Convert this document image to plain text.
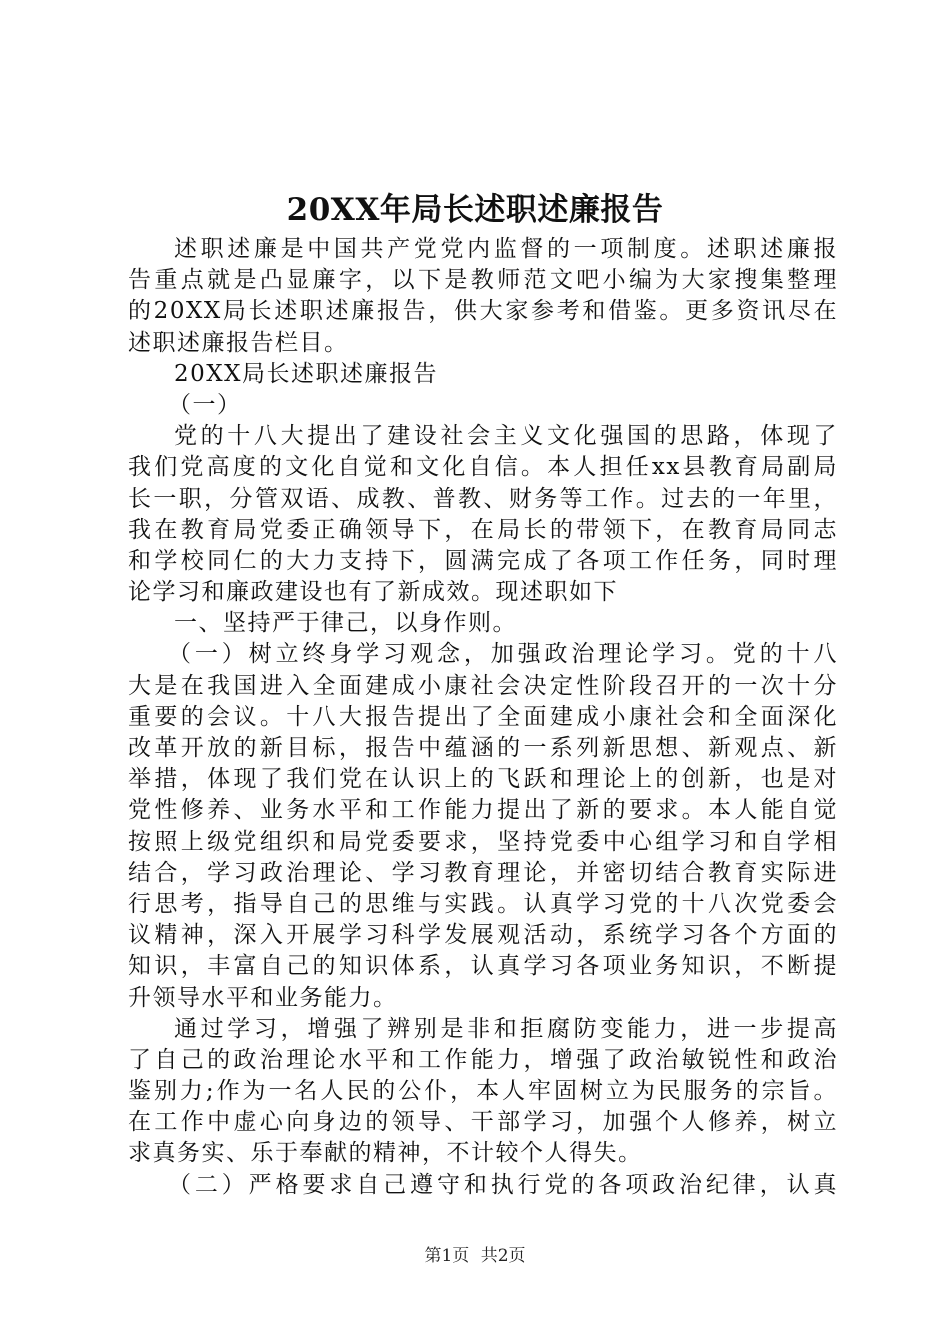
20XX年局长述职述廉报告
述职述廉是中国共产党党内监督的一项制度。述职述廉报
告重点就是凸显廉字，以下是教师范文吧小编为大家搜集整理
的20XX局长述职述廉报告，供大家参考和借鉴。更多资讯尽在
述职述廉报告栏目。
20XX局长述职述廉报告
（一）
党的十八大提出了建设社会主义文化强国的思路，体现了
我们党高度的文化自觉和文化自信。本人担任xx县教育局副局
长一职，分管双语、成教、普教、财务等工作。过去的一年里，
我在教育局党委正确领导下，在局长的带领下，在教育局同志
和学校同仁的大力支持下，圆满完成了各项工作任务，同时理
论学习和廉政建设也有了新成效。现述职如下
一、坚持严于律己，以身作则。
（一）树立终身学习观念，加强政治理论学习。党的十八
大是在我国进入全面建成小康社会决定性阶段召开的一次十分
重要的会议。十八大报告提出了全面建成小康社会和全面深化
改革开放的新目标，报告中蕴涵的一系列新思想、新观点、新
举措，体现了我们党在认识上的飞跃和理论上的创新，也是对
党性修养、业务水平和工作能力提出了新的要求。本人能自觉
按照上级党组织和局党委要求，坚持党委中心组学习和自学相
结合，学习政治理论、学习教育理论，并密切结合教育实际进
行思考，指导自己的思维与实践。认真学习党的十八次党委会
议精神，深入开展学习科学发展观活动，系统学习各个方面的
知识，丰富自己的知识体系，认真学习各项业务知识，不断提
升领导水平和业务能力。
通过学习，增强了辨别是非和拒腐防变能力，进一步提高
了自己的政治理论水平和工作能力，增强了政治敏锐性和政治
鉴别力;作为一名人民的公仆，本人牢固树立为民服务的宗旨。
在工作中虚心向身边的领导、干部学习，加强个人修养，树立
求真务实、乐于奉献的精神，不计较个人得失。
（二）严格要求自己遵守和执行党的各项政治纪律，认真
第1页 共2页
